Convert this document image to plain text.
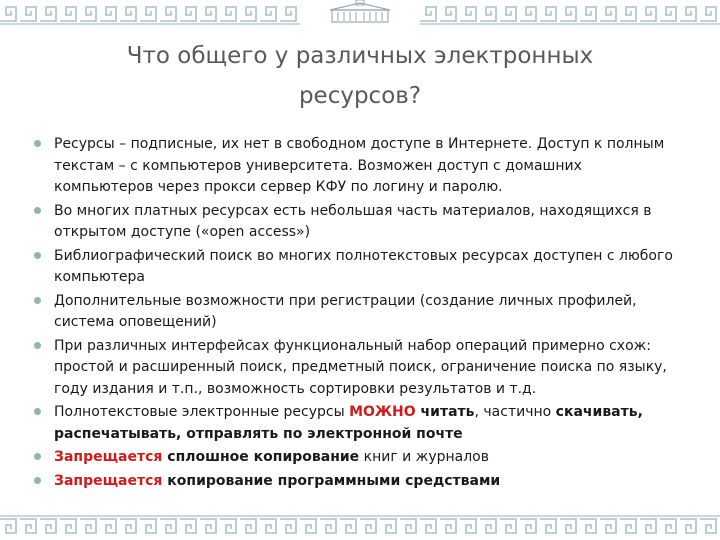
Что общего у различных электронных
ресурсов?
Ресурсы – подписные, их нет в свободном доступе в Интернете. Доступ к полным текстам – с компьютеров университета. Возможен доступ с домашних компьютеров через прокси сервер КФУ по логину и паролю.
Во многих платных ресурсах есть небольшая часть материалов, находящихся в открытом доступе («open access»)
Библиографический поиск во многих полнотекстовых ресурсах доступен с любого компьютера
Дополнительные возможности при регистрации (создание личных профилей, система оповещений)
При различных интерфейсах функциональный набор операций примерно схож: простой и расширенный поиск, предметный поиск, ограничение поиска по языку, году издания и т.п., возможность сортировки результатов и т.д.
Полнотекстовые электронные ресурсы МОЖНО читать, частично скачивать, распечатывать, отправлять по электронной почте
Запрещается сплошное копирование книг и журналов
Запрещается копирование программными средствами
